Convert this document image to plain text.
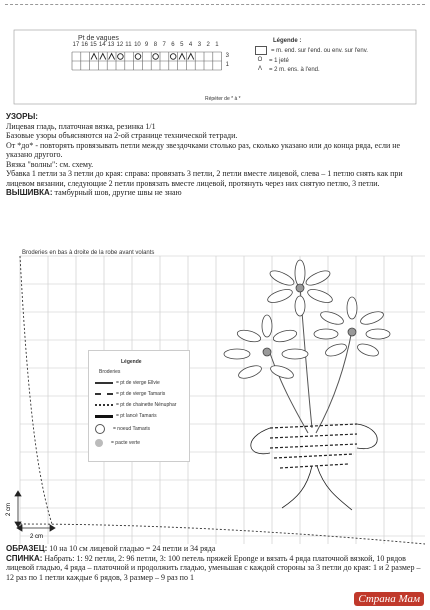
Pt de vagues
17 16 15 14 13 12 11 10 9 8 7 6 5 4 3 2 1
3
1
Répéter de * à *
Légende :
= m. end. sur l'end. ou env. sur l'env.
O	= 1 jeté
Λ	= 2 m. ens. à l'end.

УЗОРЫ:

Лицевая гладь, платочная вязка, резинка 1/1

Базовые узоры объясняются на 2-ой странице технической тетради.

От *до* - повторять провязывать петли между звездочками столько раз, сколько указано или до конца ряда, если не указано другого.

Вязка "волны": см. схему.

Убавка 1 петли за 3 петли до края: справа: провязать 3 петли, 2 петли вместе лицевой, слева – 1 петлю снять как при лицевом вязании, следующие 2 петли провязать вместе лицевой, протянуть через них снятую петлю, 3 петли.

ВЫШИВКА: тамбурный шов, другие швы не знаю

2 cm
2 cm
Broderies en bas à droite de la robe avant volants
Légende
Broderies
= pt de vierge Ellvie
= pt de vierge Tamaris
= pt de chainette Nénuphar
= pt lancé Tamaris
= noeud Tamaris
= pacte verte

ОБРАЗЕЦ: 10 на 10 см лицевой гладью = 24 петли и 34 ряда

СПИНКА: Набрать: 1: 92 петли, 2: 96 петли, 3: 100 петель пряжей Eponge и вязать 4 ряда платочной вязкой, 10 рядов лицевой гладью, 4 ряда – платочной и продолжить гладью, уменьшая с каждой стороны за 3 петли до края: 1 и 2 размер – 12 раз по 1 петли каждые 6 рядов, 3 размер – 9 раз по 1

Страна Мам
